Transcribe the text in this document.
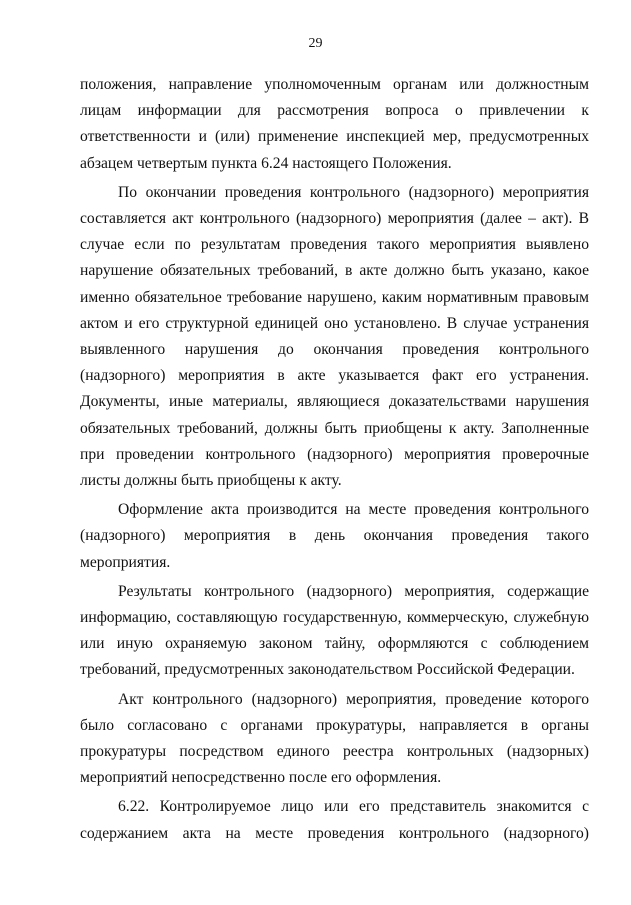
29

положения, направление уполномоченным органам или должностным лицам информации для рассмотрения вопроса о привлечении к ответственности и (или) применение инспекцией мер, предусмотренных абзацем четвертым пункта 6.24 настоящего Положения.

По окончании проведения контрольного (надзорного) мероприятия составляется акт контрольного (надзорного) мероприятия (далее – акт). В случае если по результатам проведения такого мероприятия выявлено нарушение обязательных требований, в акте должно быть указано, какое именно обязательное требование нарушено, каким нормативным правовым актом и его структурной единицей оно установлено. В случае устранения выявленного нарушения до окончания проведения контрольного (надзорного) мероприятия в акте указывается факт его устранения. Документы, иные материалы, являющиеся доказательствами нарушения обязательных требований, должны быть приобщены к акту. Заполненные при проведении контрольного (надзорного) мероприятия проверочные листы должны быть приобщены к акту.

Оформление акта производится на месте проведения контрольного (надзорного) мероприятия в день окончания проведения такого мероприятия.

Результаты контрольного (надзорного) мероприятия, содержащие информацию, составляющую государственную, коммерческую, служебную или иную охраняемую законом тайну, оформляются с соблюдением требований, предусмотренных законодательством Российской Федерации.

Акт контрольного (надзорного) мероприятия, проведение которого было согласовано с органами прокуратуры, направляется в органы прокуратуры посредством единого реестра контрольных (надзорных) мероприятий непосредственно после его оформления.

6.22. Контролируемое лицо или его представитель знакомится с содержанием акта на месте проведения контрольного (надзорного)
